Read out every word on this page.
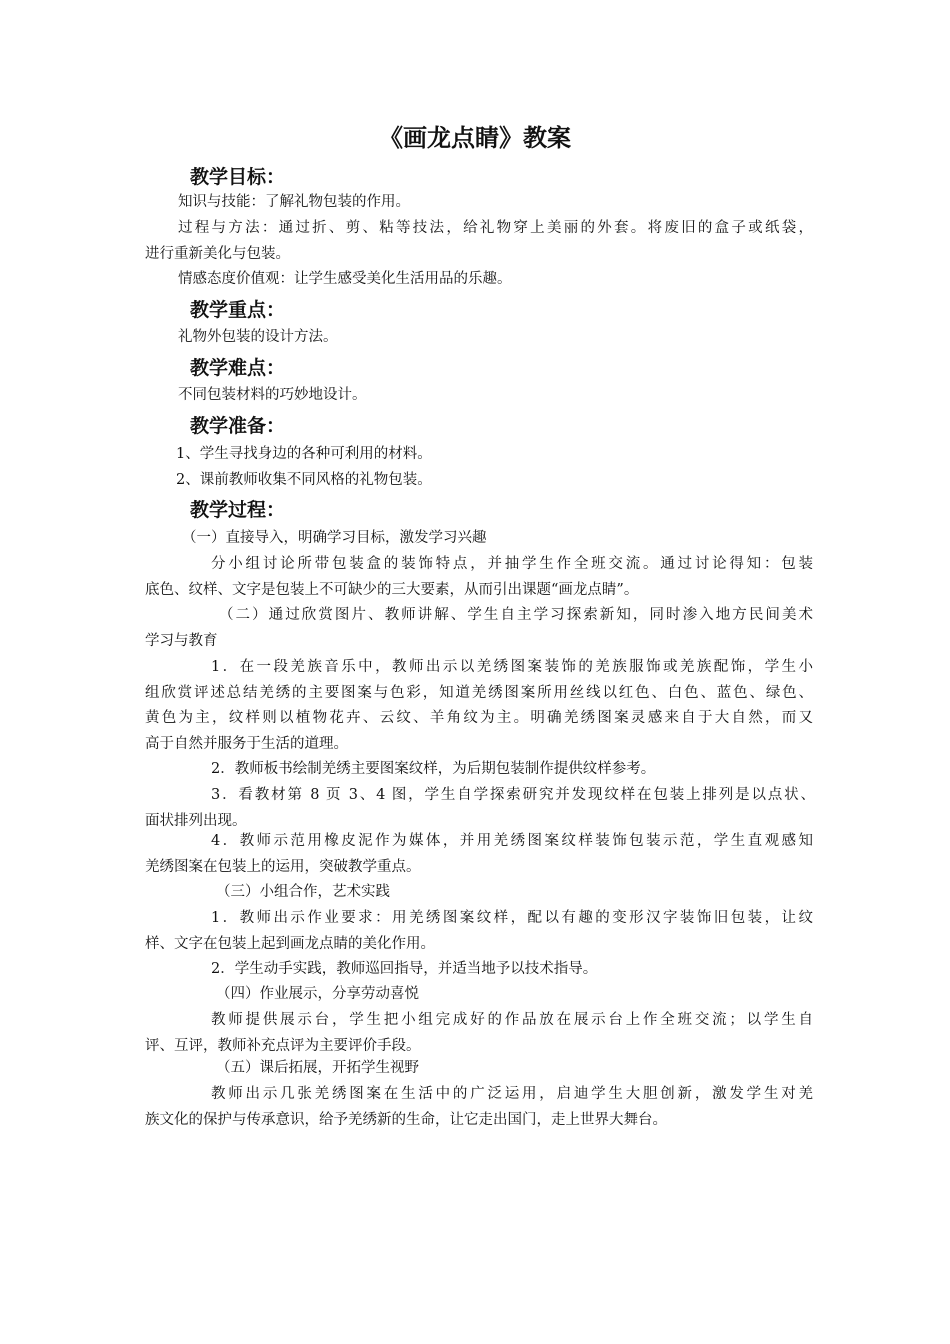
《画龙点睛》教案
教学目标：
知识与技能：了解礼物包装的作用。
过程与方法：通过折、剪、粘等技法，给礼物穿上美丽的外套。将废旧的盒子或纸袋，
进行重新美化与包装。
情感态度价值观：让学生感受美化生活用品的乐趣。
教学重点：
礼物外包装的设计方法。
教学难点：
不同包装材料的巧妙地设计。
教学准备：
1、学生寻找身边的各种可利用的材料。
2、课前教师收集不同风格的礼物包装。
教学过程：
（一）直接导入，明确学习目标，激发学习兴趣
分小组讨论所带包装盒的装饰特点，并抽学生作全班交流。通过讨论得知：包装
底色、纹样、文字是包装上不可缺少的三大要素，从而引出课题“画龙点睛”。
（二）通过欣赏图片、教师讲解、学生自主学习探索新知，同时渗入地方民间美术
学习与教育
1．在一段羌族音乐中，教师出示以羌绣图案装饰的羌族服饰或羌族配饰，学生小
组欣赏评述总结羌绣的主要图案与色彩，知道羌绣图案所用丝线以红色、白色、蓝色、绿色、
黄色为主，纹样则以植物花卉、云纹、羊角纹为主。明确羌绣图案灵感来自于大自然，而又
高于自然并服务于生活的道理。
2．教师板书绘制羌绣主要图案纹样，为后期包装制作提供纹样参考。
3．看教材第 8 页 3、4 图，学生自学探索研究并发现纹样在包装上排列是以点状、
面状排列出现。
4．教师示范用橡皮泥作为媒体，并用羌绣图案纹样装饰包装示范，学生直观感知
羌绣图案在包装上的运用，突破教学重点。
（三）小组合作，艺术实践
1．教师出示作业要求：用羌绣图案纹样，配以有趣的变形汉字装饰旧包装，让纹
样、文字在包装上起到画龙点睛的美化作用。
2．学生动手实践，教师巡回指导，并适当地予以技术指导。
（四）作业展示，分享劳动喜悦
教师提供展示台，学生把小组完成好的作品放在展示台上作全班交流；以学生自
评、互评，教师补充点评为主要评价手段。
（五）课后拓展，开拓学生视野
教师出示几张羌绣图案在生活中的广泛运用，启迪学生大胆创新，激发学生对羌
族文化的保护与传承意识，给予羌绣新的生命，让它走出国门，走上世界大舞台。
